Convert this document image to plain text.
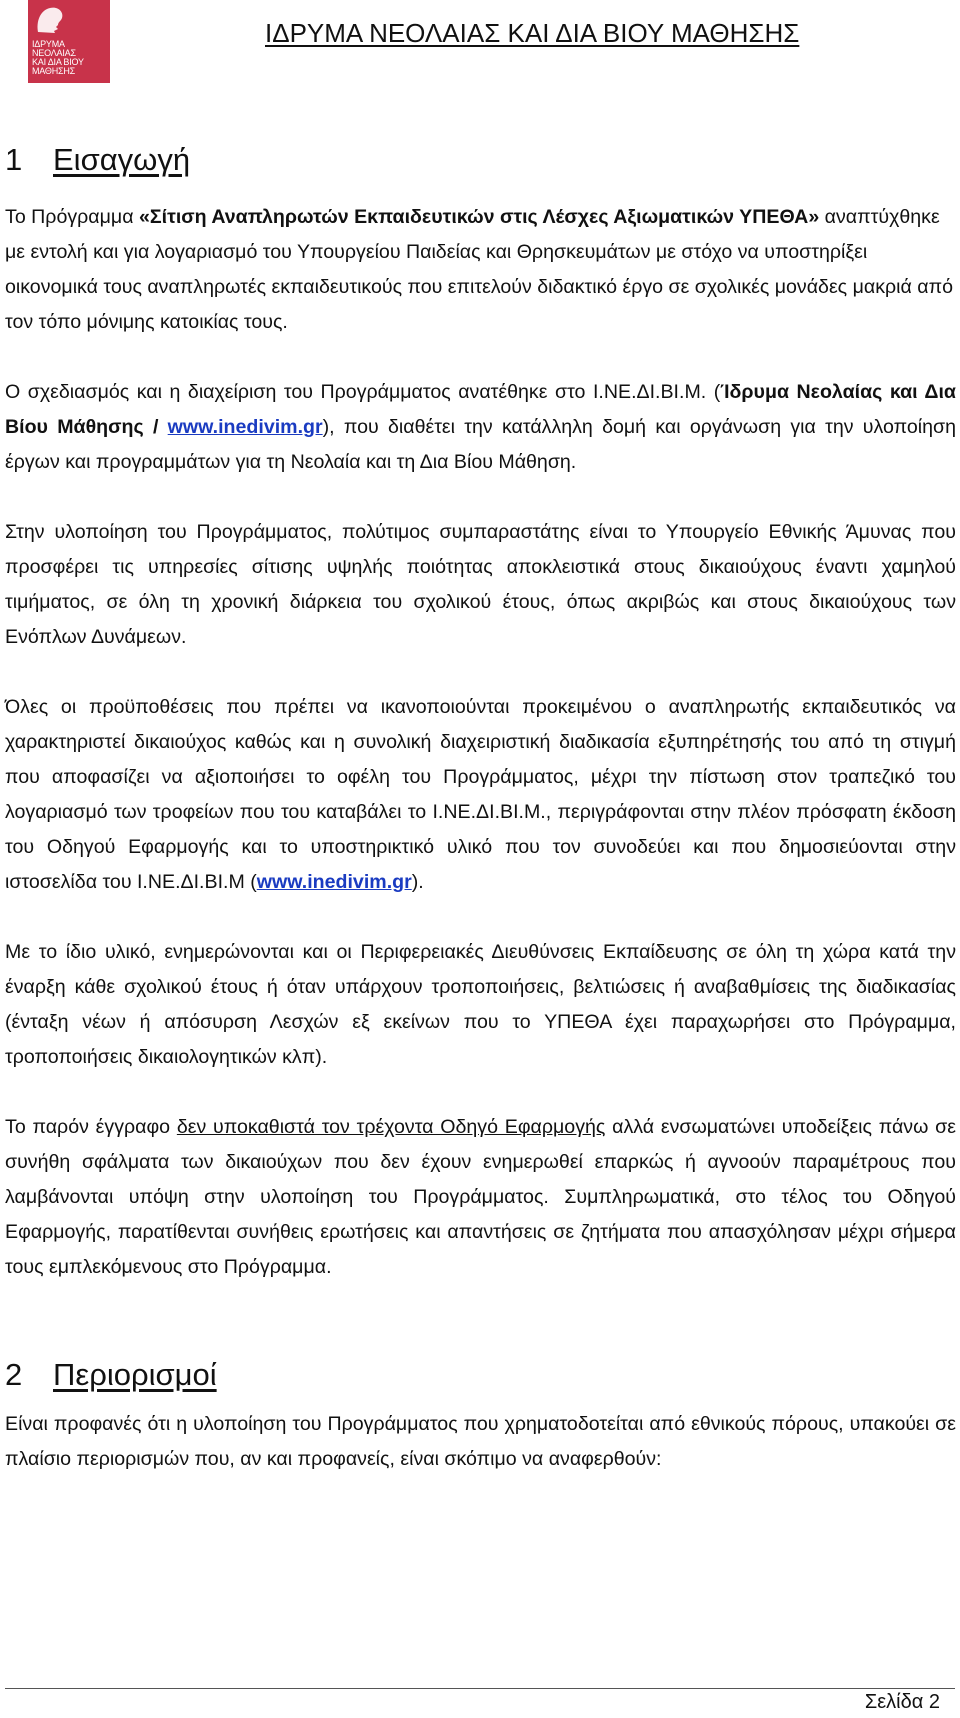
ΙΔΡΥΜΑ
ΝΕΟΛΑΙΑΣ
ΚΑΙ ΔΙΑ ΒΙΟΥ
ΜΑΘΗΣΗΣ
ΙΔΡΥΜΑ ΝΕΟΛΑΙΑΣ ΚΑΙ ΔΙΑ ΒΙΟΥ ΜΑΘΗΣΗΣ
1 Εισαγωγή

Το Πρόγραμμα «Σίτιση Αναπληρωτών Εκπαιδευτικών στις Λέσχες Αξιωματικών ΥΠΕΘΑ» αναπτύχθηκε με εντολή και για λογαριασμό του Υπουργείου Παιδείας και Θρησκευμάτων με στόχο να υποστηρίξει οικονομικά τους αναπληρωτές εκπαιδευτικούς που επιτελούν διδακτικό έργο σε σχολικές μονάδες μακριά από τον τόπο μόνιμης κατοικίας τους.

Ο σχεδιασμός και η διαχείριση του Προγράμματος ανατέθηκε στο Ι.ΝΕ.ΔΙ.ΒΙ.Μ. (Ίδρυμα Νεολαίας και Δια Βίου Μάθησης / www.inedivim.gr), που διαθέτει την κατάλληλη δομή και οργάνωση για την υλοποίηση έργων και προγραμμάτων για τη Νεολαία και τη Δια Βίου Μάθηση.

Στην υλοποίηση του Προγράμματος, πολύτιμος συμπαραστάτης είναι το Υπουργείο Εθνικής Άμυνας που προσφέρει τις υπηρεσίες σίτισης υψηλής ποιότητας αποκλειστικά στους δικαιούχους έναντι χαμηλού τιμήματος, σε όλη τη χρονική διάρκεια του σχολικού έτους, όπως ακριβώς και στους δικαιούχους των Ενόπλων Δυνάμεων.

Όλες οι προϋποθέσεις που πρέπει να ικανοποιούνται προκειμένου ο αναπληρωτής εκπαιδευτικός να χαρακτηριστεί δικαιούχος καθώς και η συνολική διαχειριστική διαδικασία εξυπηρέτησής του από τη στιγμή που αποφασίζει να αξιοποιήσει το οφέλη του Προγράμματος, μέχρι την πίστωση στον τραπεζικό του λογαριασμό των τροφείων που του καταβάλει το Ι.ΝΕ.ΔΙ.ΒΙ.Μ., περιγράφονται στην πλέον πρόσφατη έκδοση του Οδηγού Εφαρμογής και το υποστηρικτικό υλικό που τον συνοδεύει και που δημοσιεύονται στην ιστοσελίδα του Ι.ΝΕ.ΔΙ.ΒΙ.Μ (www.inedivim.gr).

Με το ίδιο υλικό, ενημερώνονται και οι Περιφερειακές Διευθύνσεις Εκπαίδευσης σε όλη τη χώρα κατά την έναρξη κάθε σχολικού έτους ή όταν υπάρχουν τροποποιήσεις, βελτιώσεις ή αναβαθμίσεις της διαδικασίας (ένταξη νέων ή απόσυρση Λεσχών εξ εκείνων που το ΥΠΕΘΑ έχει παραχωρήσει στο Πρόγραμμα, τροποποιήσεις δικαιολογητικών κλπ).

Το παρόν έγγραφο δεν υποκαθιστά τον τρέχοντα Οδηγό Εφαρμογής αλλά ενσωματώνει υποδείξεις πάνω σε συνήθη σφάλματα των δικαιούχων που δεν έχουν ενημερωθεί επαρκώς ή αγνοούν παραμέτρους που λαμβάνονται υπόψη στην υλοποίηση του Προγράμματος. Συμπληρωματικά, στο τέλος του Οδηγού Εφαρμογής, παρατίθενται συνήθεις ερωτήσεις και απαντήσεις σε ζητήματα που απασχόλησαν μέχρι σήμερα τους εμπλεκόμενους στο Πρόγραμμα.

2 Περιορισμοί

Είναι προφανές ότι η υλοποίηση του Προγράμματος που χρηματοδοτείται από εθνικούς πόρους, υπακούει σε πλαίσιο περιορισμών που, αν και προφανείς, είναι σκόπιμο να αναφερθούν:

Σελίδα 2
